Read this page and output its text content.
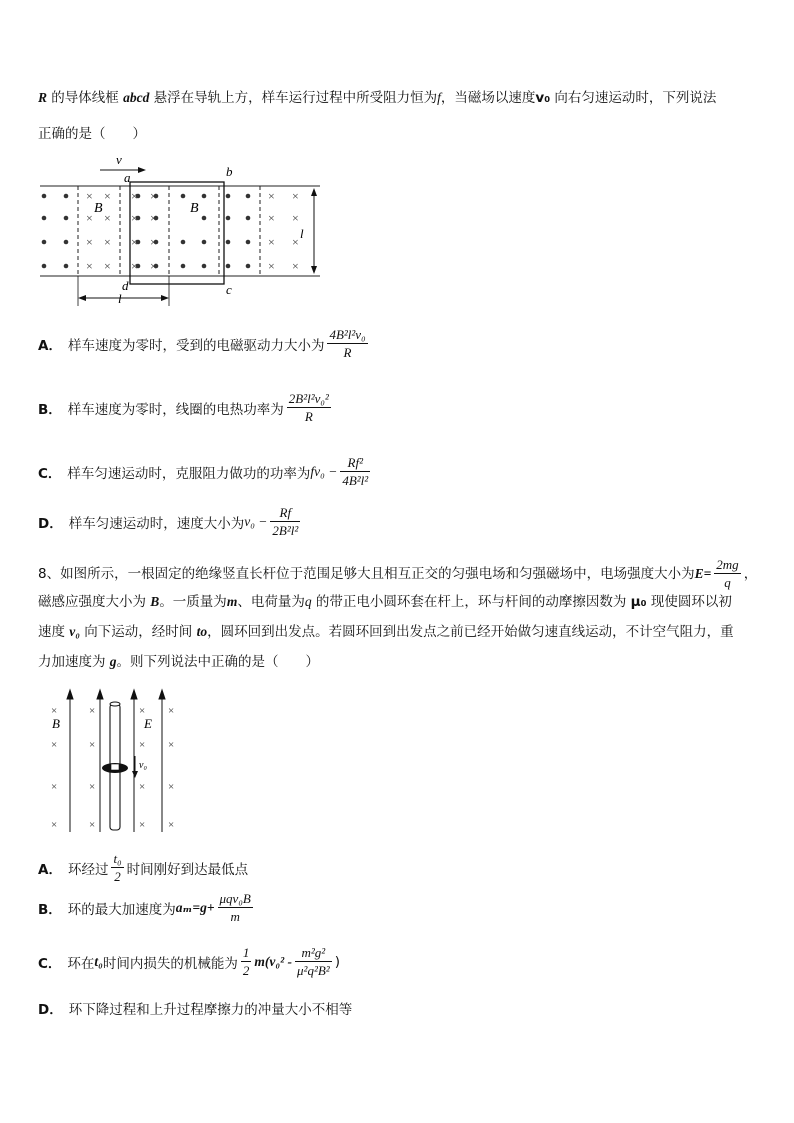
R 的导体线框 abcd 悬浮在导轨上方，样车运行过程中所受阻力恒为f，当磁场以速度v₀ 向右匀速运动时，下列说法
正确的是（　　）
× ×
× ×
× ×
× ×
× ×
× ×
× ×
× ×
× ×
× ×
× ×
× ×
v
a	b
c
d
B	B
l
l
A． 样车速度为零时，受到的电磁驱动力大小为 $\frac{\text{4B²l²v₀}}{R}$
B． 样车速度为零时，线圈的电热功率为 $\frac{\text{2B²l²v₀²}}{R}$
C． 样车匀速运动时，克服阻力做功的功率为 $fv_0 - \frac{\text{Rf²}}{\text{4B²l²}}$
D． 样车匀速运动时，速度大小为 $v_0 - \frac{Rf}{\text{2B²l²}}$
8、如图所示，一根固定的绝缘竖直长杆位于范围足够大且相互正交的匀强电场和匀强磁场中，电场强度大小为 $E= \frac{2mg}{q}$ ，
磁感应强度大小为 B。一质量为m、电荷量为q 的带正电小圆环套在杆上，环与杆间的动摩擦因数为 μ₀ 现使圆环以初
速度 v₀ 向下运动，经时间 to，圆环回到出发点。若圆环回到出发点之前已经开始做匀速直线运动，不计空气阻力，重
力加速度为 g。则下列说法中正确的是（　　）
×
×
×
×
×
×
×
×
×
×
×
×
×
×
×
×
v₀
B	E
A． 环经过 $\frac{\text{t₀}}{2}$ 时间刚好到达最低点
B． 环的最大加速度为 $a_m=g+ \frac{\text{μqv₀B}}{m}$
C． 环在 t₀ 时间内损失的机械能为 $\frac{1}{2} m(v_0^2 - \frac{\text{m²g²}}{\text{μ²q²B²}}$ )
D． 环下降过程和上升过程摩擦力的冲量大小不相等
